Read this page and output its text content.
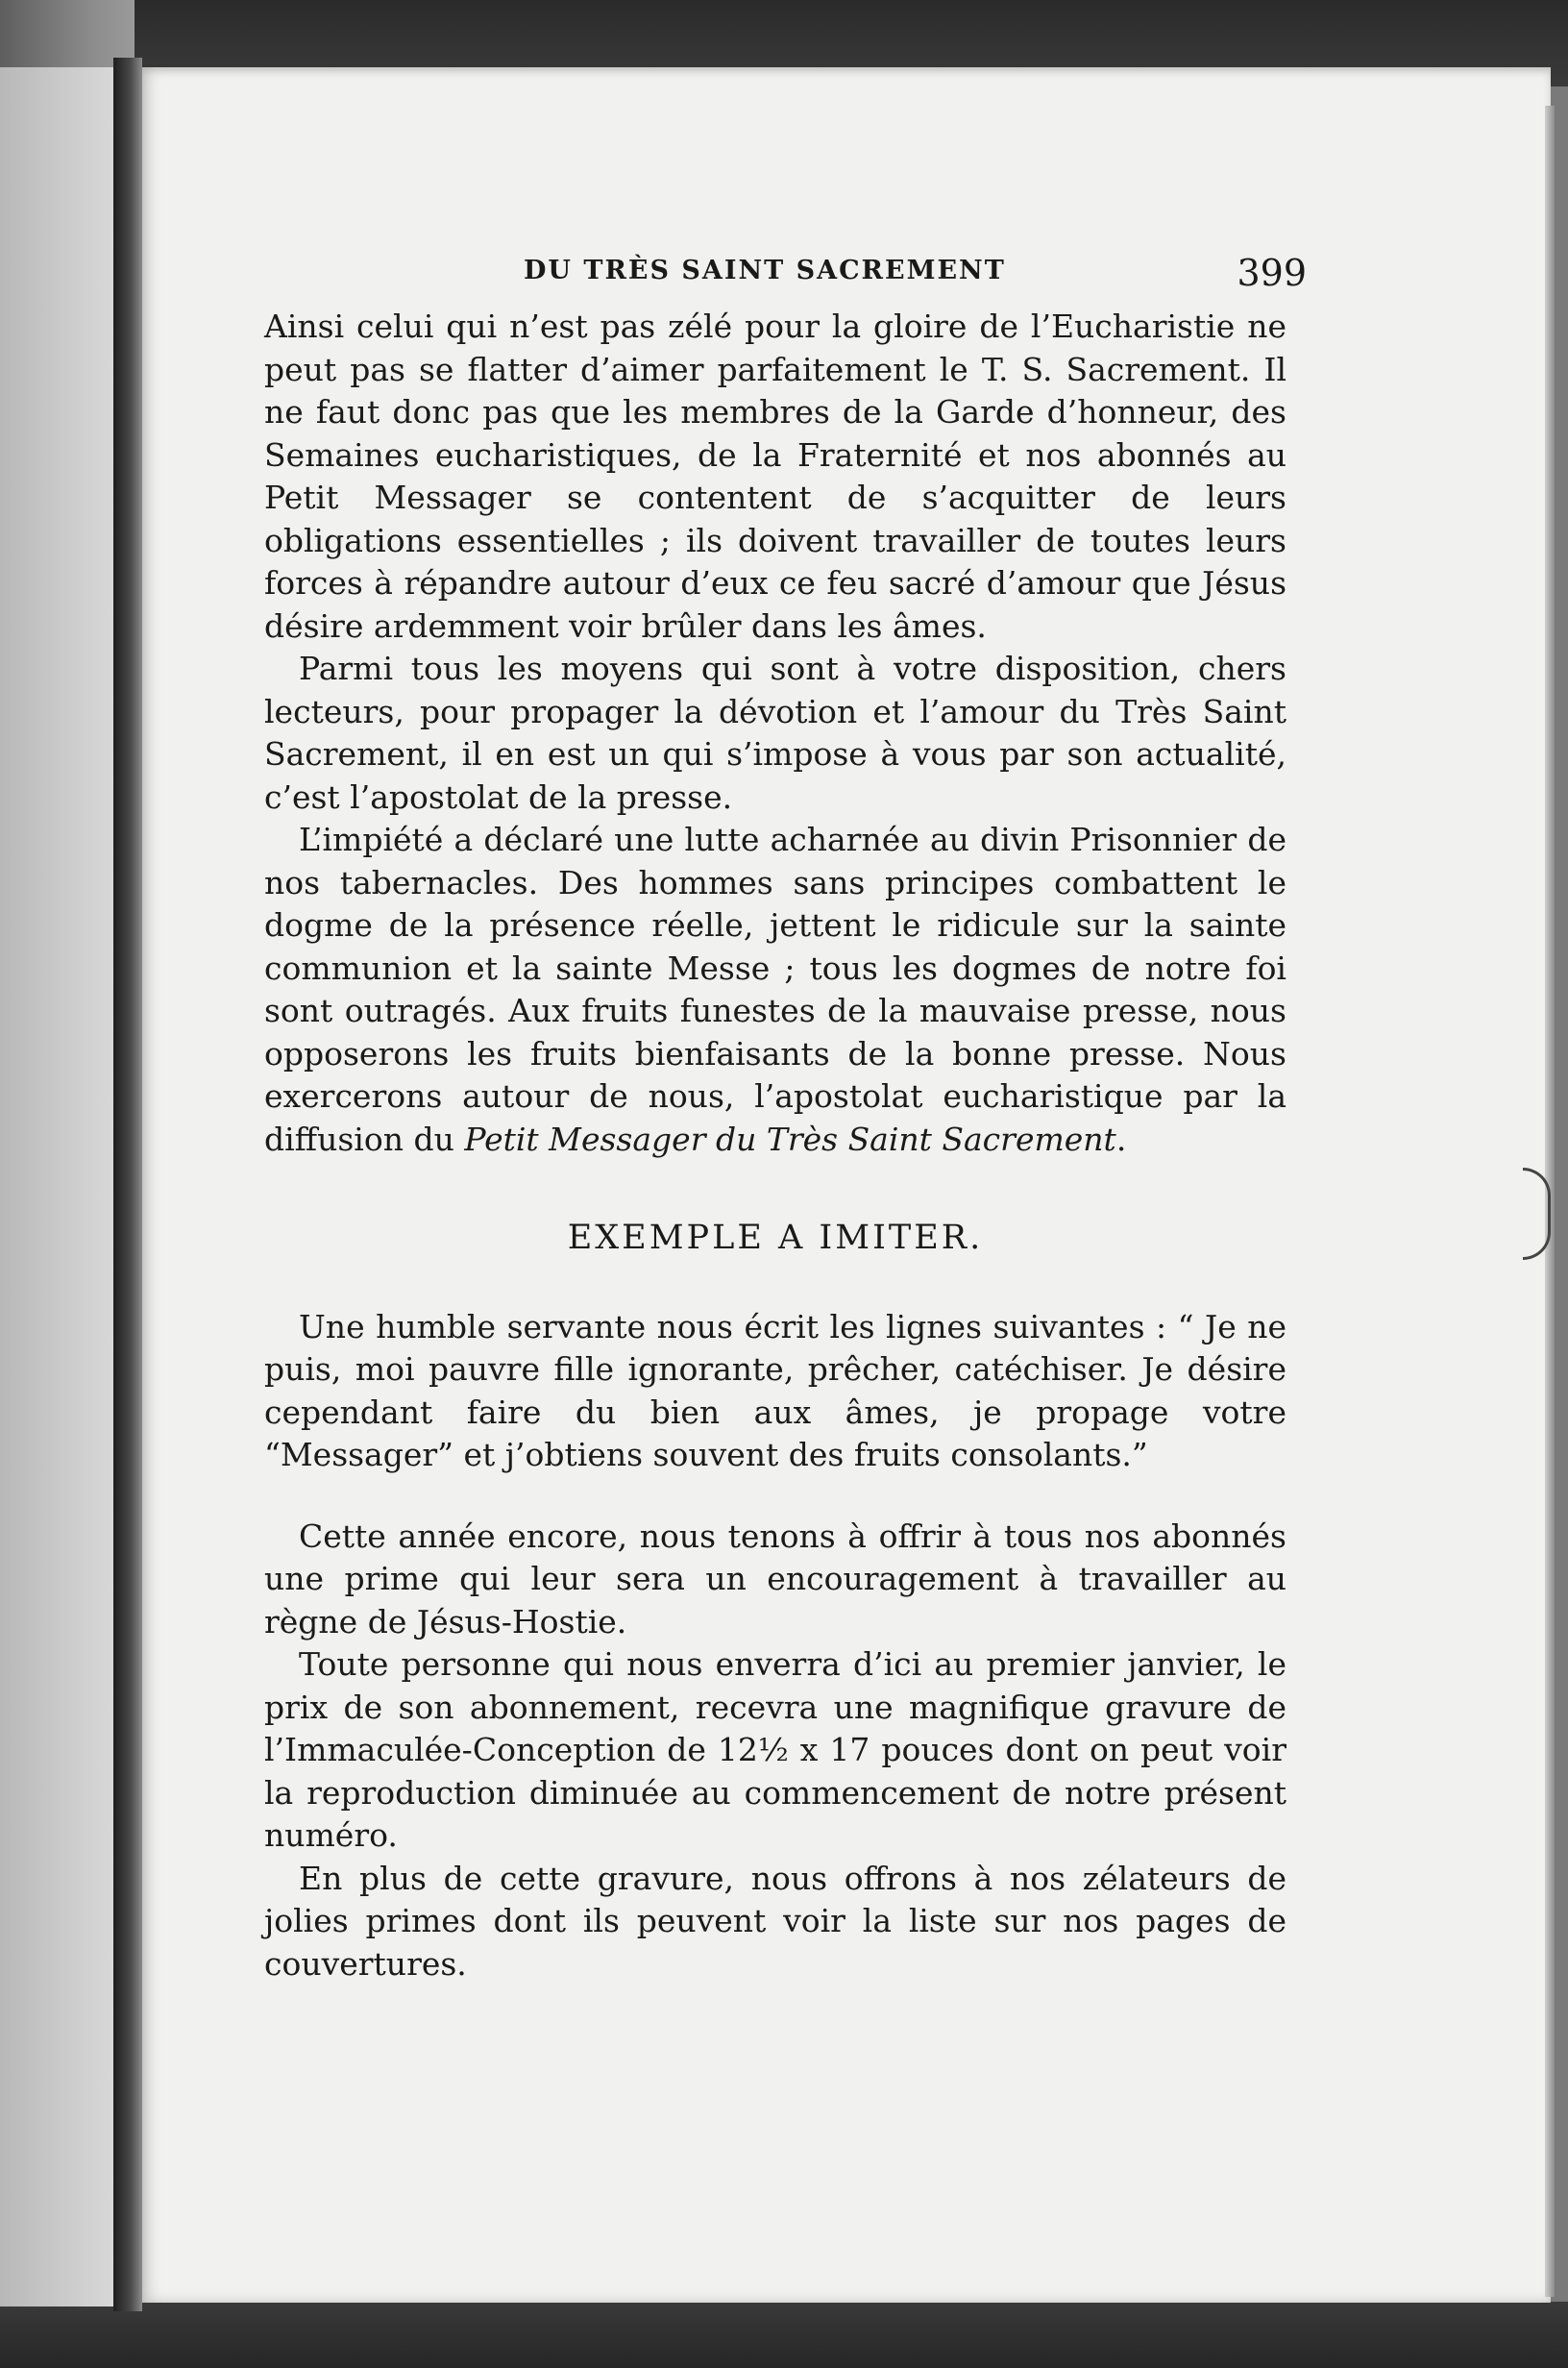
DU TRÈS SAINT SACREMENT	399

Ainsi celui qui n’est pas zélé pour la gloire de l’Eucharistie ne peut pas se flatter d’aimer parfaitement le T. S. Sacrement. Il ne faut donc pas que les membres de la Garde d’honneur, des Semaines eucharistiques, de la Fraternité et nos abonnés au Petit Messager se contentent de s’acquitter de leurs obligations essentielles ; ils doivent travailler de toutes leurs forces à répandre autour d’eux ce feu sacré d’amour que Jésus désire ardemment voir brûler dans les âmes.

Parmi tous les moyens qui sont à votre disposition, chers lecteurs, pour propager la dévotion et l’amour du Très Saint Sacrement, il en est un qui s’impose à vous par son actualité, c’est l’apostolat de la presse.

L’impiété a déclaré une lutte acharnée au divin Prisonnier de nos tabernacles. Des hommes sans principes combattent le dogme de la présence réelle, jettent le ridicule sur la sainte communion et la sainte Messe ; tous les dogmes de notre foi sont outragés. Aux fruits funestes de la mauvaise presse, nous opposerons les fruits bienfaisants de la bonne presse. Nous exercerons autour de nous, l’apostolat eucharistique par la diffusion du Petit Messager du Très Saint Sacrement.

EXEMPLE A IMITER.

Une humble servante nous écrit les lignes suivantes : “ Je ne puis, moi pauvre fille ignorante, prêcher, catéchiser. Je désire cependant faire du bien aux âmes, je propage votre “Messager” et j’obtiens souvent des fruits consolants.”

Cette année encore, nous tenons à offrir à tous nos abonnés une prime qui leur sera un encouragement à travailler au règne de Jésus-Hostie.

Toute personne qui nous enverra d’ici au premier janvier, le prix de son abonnement, recevra une magnifique gravure de l’Immaculée-Conception de 12½ x 17 pouces dont on peut voir la reproduction diminuée au commencement de notre présent numéro.

En plus de cette gravure, nous offrons à nos zélateurs de jolies primes dont ils peuvent voir la liste sur nos pages de couvertures.
